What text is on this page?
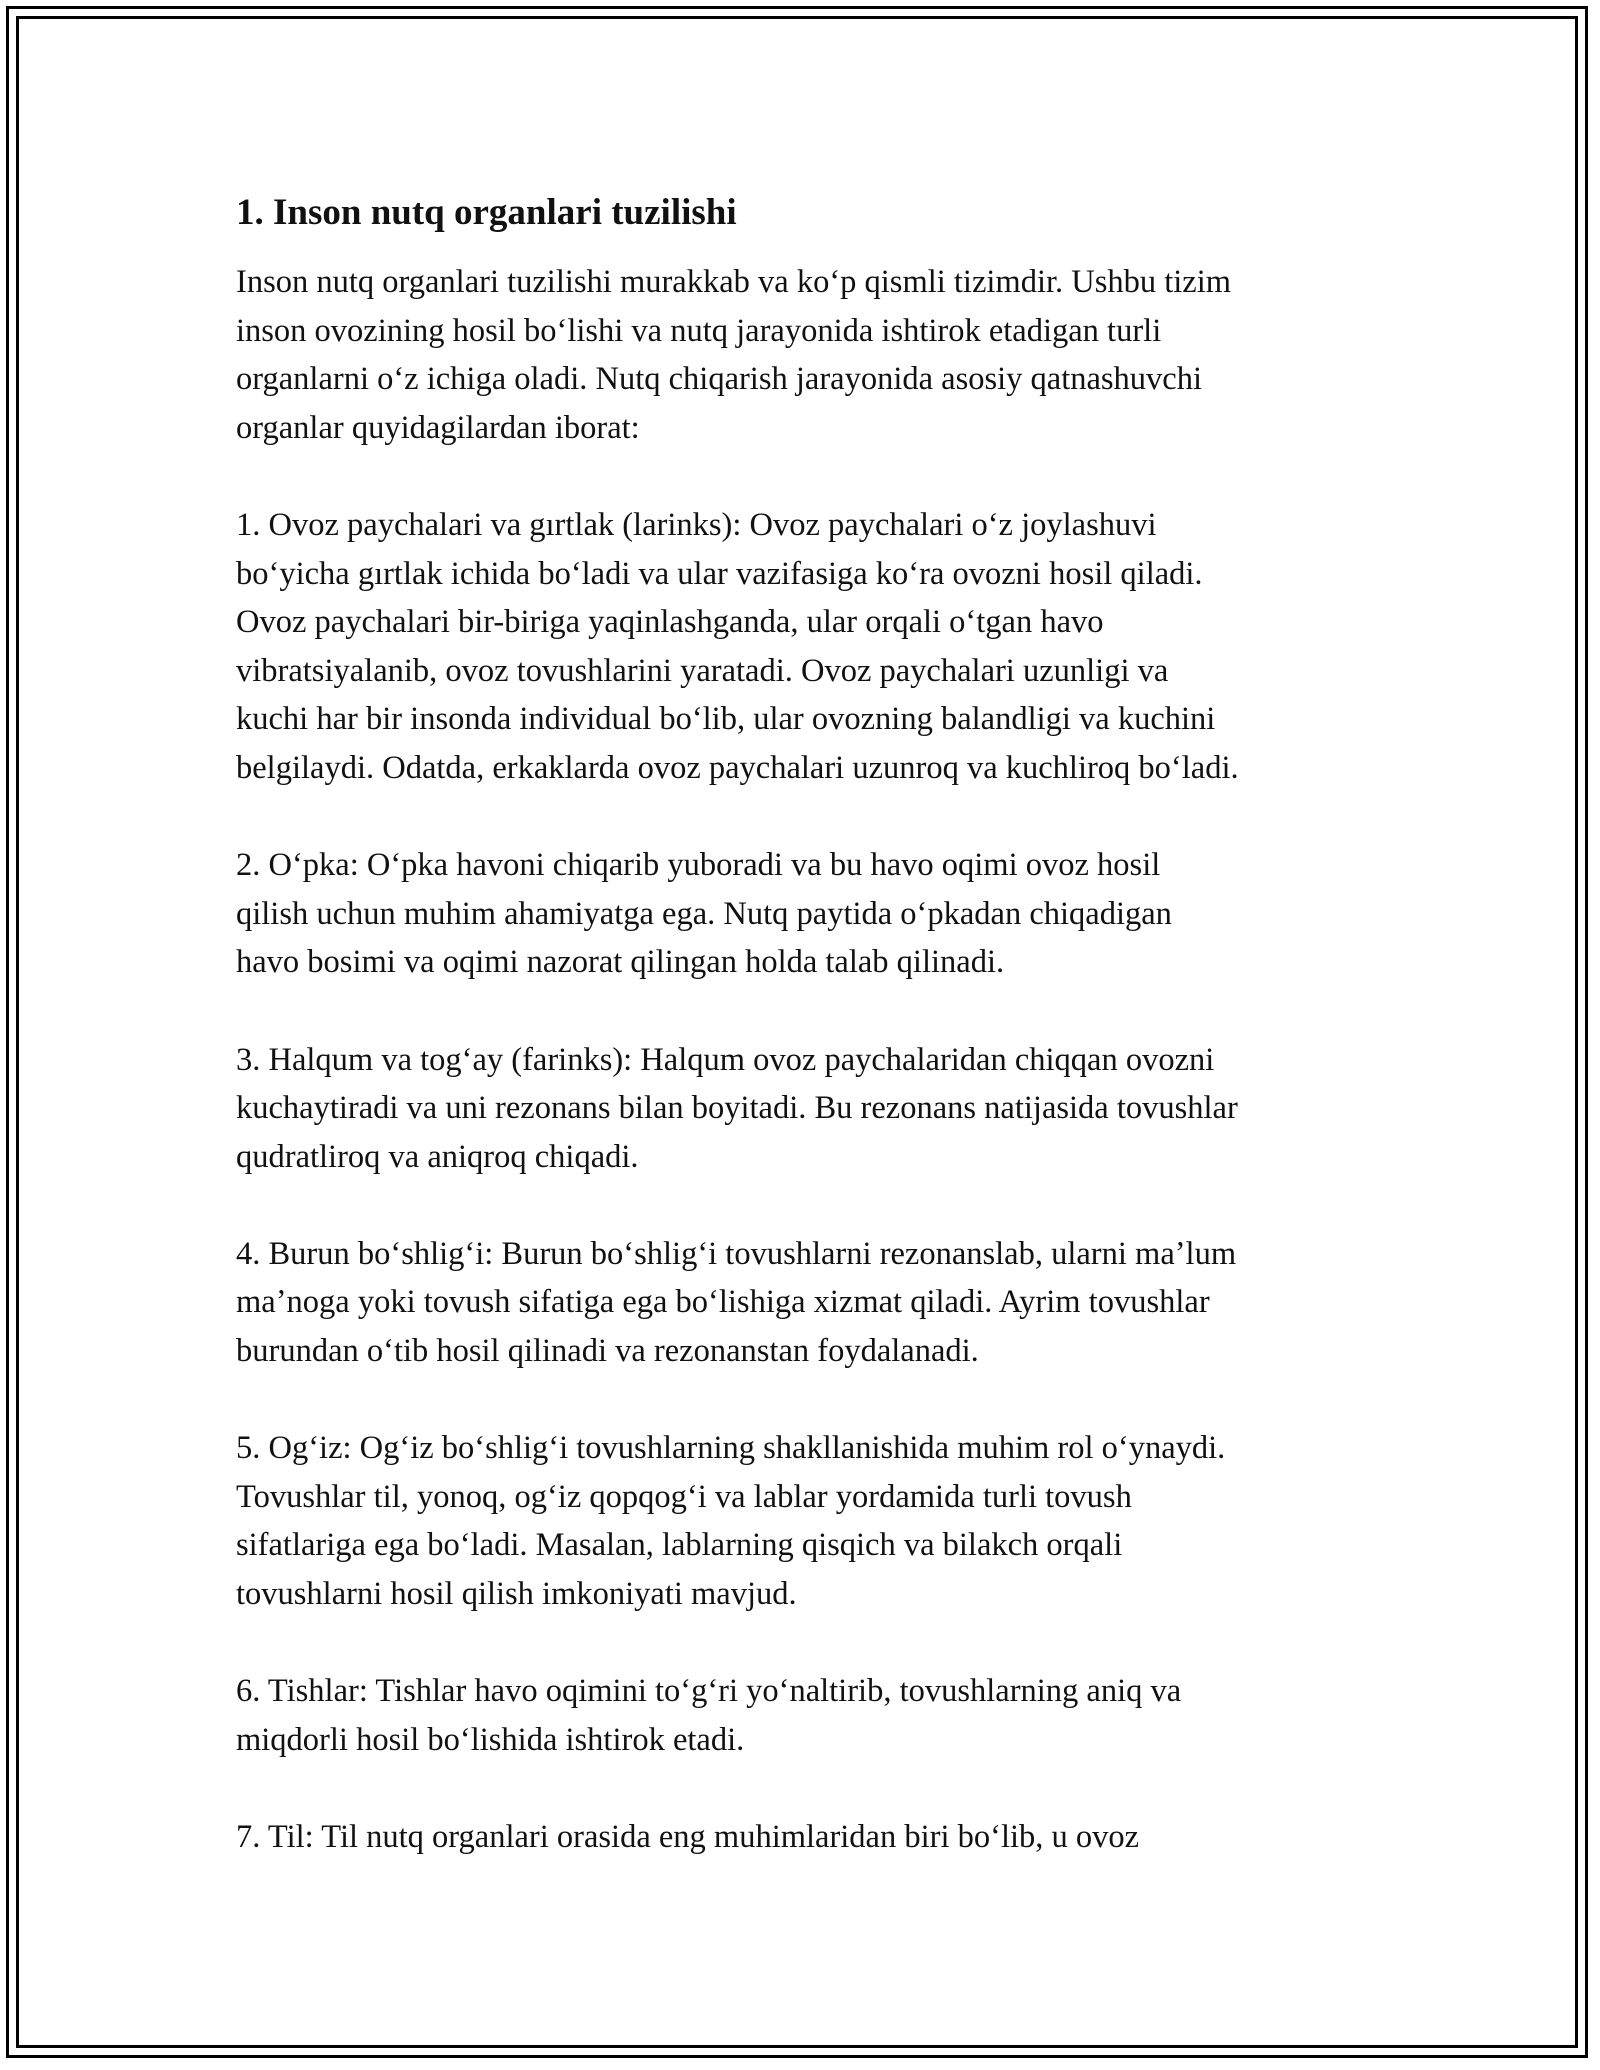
1. Inson nutq organlari tuzilishi

Inson nutq organlari tuzilishi murakkab va koʻp qismli tizimdir. Ushbu tizim
inson ovozining hosil boʻlishi va nutq jarayonida ishtirok etadigan turli
organlarni oʻz ichiga oladi. Nutq chiqarish jarayonida asosiy qatnashuvchi
organlar quyidagilardan iborat:

1. Ovoz paychalari va gırtlak (larinks): Ovoz paychalari oʻz joylashuvi
boʻyicha gırtlak ichida boʻladi va ular vazifasiga koʻra ovozni hosil qiladi.
Ovoz paychalari bir-biriga yaqinlashganda, ular orqali oʻtgan havo
vibratsiyalanib, ovoz tovushlarini yaratadi. Ovoz paychalari uzunligi va
kuchi har bir insonda individual boʻlib, ular ovozning balandligi va kuchini
belgilaydi. Odatda, erkaklarda ovoz paychalari uzunroq va kuchliroq boʻladi.

2. Oʻpka: Oʻpka havoni chiqarib yuboradi va bu havo oqimi ovoz hosil
qilish uchun muhim ahamiyatga ega. Nutq paytida oʻpkadan chiqadigan
havo bosimi va oqimi nazorat qilingan holda talab qilinadi.

3. Halqum va togʻay (farinks): Halqum ovoz paychalaridan chiqqan ovozni
kuchaytiradi va uni rezonans bilan boyitadi. Bu rezonans natijasida tovushlar
qudratliroq va aniqroq chiqadi.

4. Burun boʻshligʻi: Burun boʻshligʻi tovushlarni rezonanslab, ularni maʼlum
maʼnoga yoki tovush sifatiga ega boʻlishiga xizmat qiladi. Ayrim tovushlar
burundan oʻtib hosil qilinadi va rezonanstan foydalanadi.

5. Ogʻiz: Ogʻiz boʻshligʻi tovushlarning shakllanishida muhim rol oʻynaydi.
Tovushlar til, yonoq, ogʻiz qopqogʻi va lablar yordamida turli tovush
sifatlariga ega boʻladi. Masalan, lablarning qisqich va bilakch orqali
tovushlarni hosil qilish imkoniyati mavjud.

6. Tishlar: Tishlar havo oqimini toʻgʻri yoʻnaltirib, tovushlarning aniq va
miqdorli hosil boʻlishida ishtirok etadi.

7. Til: Til nutq organlari orasida eng muhimlaridan biri boʻlib, u ovoz
